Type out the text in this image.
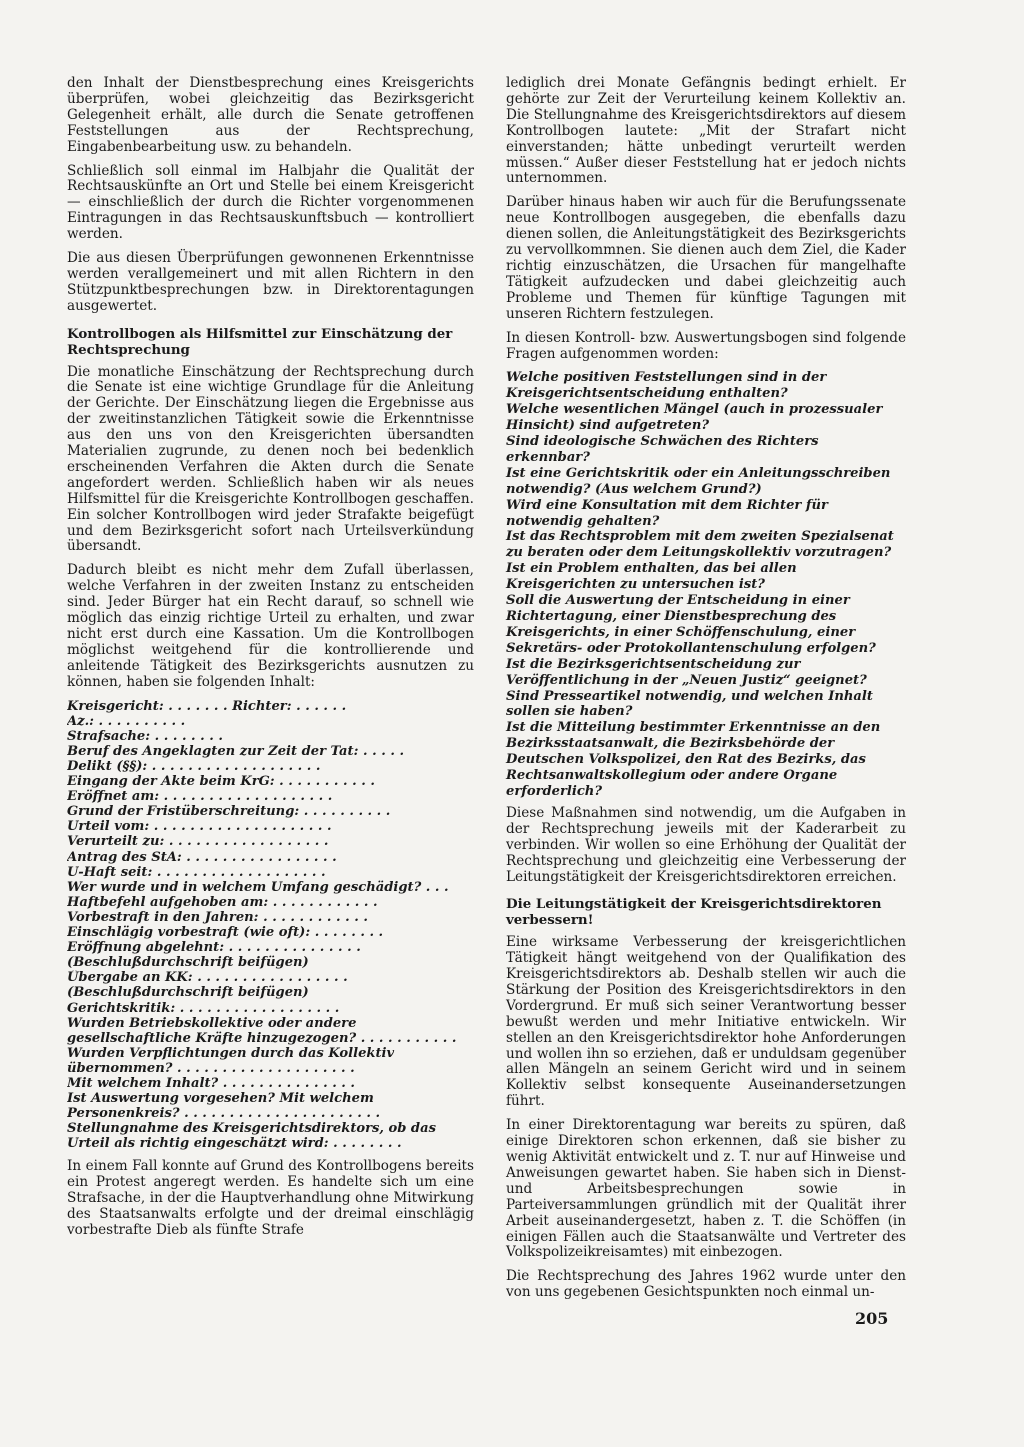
den Inhalt der Dienstbesprechung eines Kreisgerichts überprüfen, wobei gleichzeitig das Bezirksgericht Gelegenheit erhält, alle durch die Senate getroffenen Feststellungen aus der Rechtsprechung, Eingabenbearbeitung usw. zu behandeln.

Schließlich soll einmal im Halbjahr die Qualität der Rechtsauskünfte an Ort und Stelle bei einem Kreisgericht — einschließlich der durch die Richter vorgenommenen Eintragungen in das Rechtsauskunftsbuch — kontrolliert werden.

Die aus diesen Überprüfungen gewonnenen Erkenntnisse werden verallgemeinert und mit allen Richtern in den Stützpunktbesprechungen bzw. in Direktorentagungen ausgewertet.

Kontrollbogen als Hilfsmittel zur Einschätzung der Rechtsprechung

Die monatliche Einschätzung der Rechtsprechung durch die Senate ist eine wichtige Grundlage für die Anleitung der Gerichte. Der Einschätzung liegen die Ergebnisse aus der zweitinstanzlichen Tätigkeit sowie die Erkenntnisse aus den uns von den Kreisgerichten übersandten Materialien zugrunde, zu denen noch bei bedenklich erscheinenden Verfahren die Akten durch die Senate angefordert werden. Schließlich haben wir als neues Hilfsmittel für die Kreisgerichte Kontrollbogen geschaffen. Ein solcher Kontrollbogen wird jeder Strafakte beigefügt und dem Bezirksgericht sofort nach Urteilsverkündung übersandt.

Dadurch bleibt es nicht mehr dem Zufall überlassen, welche Verfahren in der zweiten Instanz zu entscheiden sind. Jeder Bürger hat ein Recht darauf, so schnell wie möglich das einzig richtige Urteil zu erhalten, und zwar nicht erst durch eine Kassation. Um die Kontrollbogen möglichst weitgehend für die kontrollierende und anleitende Tätigkeit des Bezirksgerichts ausnutzen zu können, haben sie folgenden Inhalt:

Kreisgericht: . . . . . . . Richter: . . . . . .
Az.: . . . . . . . . . .
Strafsache: . . . . . . . .
Beruf des Angeklagten zur Zeit der Tat: . . . . .
Delikt (§§): . . . . . . . . . . . . . . . . . . .
Eingang der Akte beim KrG: . . . . . . . . . . .
Eröffnet am: . . . . . . . . . . . . . . . . . . .
Grund der Fristüberschreitung: . . . . . . . . . .
Urteil vom: . . . . . . . . . . . . . . . . . . . .
Verurteilt zu: . . . . . . . . . . . . . . . . . .
Antrag des StA: . . . . . . . . . . . . . . . . .
U-Haft seit: . . . . . . . . . . . . . . . . . . .
Wer wurde und in welchem Umfang geschädigt? . . .
Haftbefehl aufgehoben am: . . . . . . . . . . . .
Vorbestraft in den Jahren: . . . . . . . . . . . .
Einschlägig vorbestraft (wie oft): . . . . . . . .
Eröffnung abgelehnt: . . . . . . . . . . . . . . .
(Beschlußdurchschrift beifügen)
Übergabe an KK: . . . . . . . . . . . . . . . . .
(Beschlußdurchschrift beifügen)
Gerichtskritik: . . . . . . . . . . . . . . . . . .
Wurden Betriebskollektive oder andere gesellschaftliche Kräfte hinzugezogen? . . . . . . . . . . .
Wurden Verpflichtungen durch das Kollektiv übernommen? . . . . . . . . . . . . . . . . . . . .
Mit welchem Inhalt? . . . . . . . . . . . . . . .
Ist Auswertung vorgesehen? Mit welchem Personenkreis? . . . . . . . . . . . . . . . . . . . . . .
Stellungnahme des Kreisgerichtsdirektors, ob das Urteil als richtig eingeschätzt wird: . . . . . . . .

In einem Fall konnte auf Grund des Kontrollbogens bereits ein Protest angeregt werden. Es handelte sich um eine Strafsache, in der die Hauptverhandlung ohne Mitwirkung des Staatsanwalts erfolgte und der dreimal einschlägig vorbestrafte Dieb als fünfte Strafe

lediglich drei Monate Gefängnis bedingt erhielt. Er gehörte zur Zeit der Verurteilung keinem Kollektiv an. Die Stellungnahme des Kreisgerichtsdirektors auf diesem Kontrollbogen lautete: „Mit der Strafart nicht einverstanden; hätte unbedingt verurteilt werden müssen.“ Außer dieser Feststellung hat er jedoch nichts unternommen.

Darüber hinaus haben wir auch für die Berufungssenate neue Kontrollbogen ausgegeben, die ebenfalls dazu dienen sollen, die Anleitungstätigkeit des Bezirksgerichts zu vervollkommnen. Sie dienen auch dem Ziel, die Kader richtig einzuschätzen, die Ursachen für mangelhafte Tätigkeit aufzudecken und dabei gleichzeitig auch Probleme und Themen für künftige Tagungen mit unseren Richtern festzulegen.

In diesen Kontroll- bzw. Auswertungsbogen sind folgende Fragen aufgenommen worden:

Welche positiven Feststellungen sind in der Kreisgerichtsentscheidung enthalten?
Welche wesentlichen Mängel (auch in prozessualer Hinsicht) sind aufgetreten?
Sind ideologische Schwächen des Richters erkennbar?
Ist eine Gerichtskritik oder ein Anleitungsschreiben notwendig? (Aus welchem Grund?)
Wird eine Konsultation mit dem Richter für notwendig gehalten?
Ist das Rechtsproblem mit dem zweiten Spezialsenat zu beraten oder dem Leitungskollektiv vorzutragen?
Ist ein Problem enthalten, das bei allen Kreisgerichten zu untersuchen ist?
Soll die Auswertung der Entscheidung in einer Richtertagung, einer Dienstbesprechung des Kreisgerichts, in einer Schöffenschulung, einer Sekretärs- oder Protokollantenschulung erfolgen?
Ist die Bezirksgerichtsentscheidung zur Veröffentlichung in der „Neuen Justiz“ geeignet?
Sind Presseartikel notwendig, und welchen Inhalt sollen sie haben?
Ist die Mitteilung bestimmter Erkenntnisse an den Bezirksstaatsanwalt, die Bezirksbehörde der Deutschen Volkspolizei, den Rat des Bezirks, das Rechtsanwaltskollegium oder andere Organe erforderlich?

Diese Maßnahmen sind notwendig, um die Aufgaben in der Rechtsprechung jeweils mit der Kaderarbeit zu verbinden. Wir wollen so eine Erhöhung der Qualität der Rechtsprechung und gleichzeitig eine Verbesserung der Leitungstätigkeit der Kreisgerichtsdirektoren erreichen.

Die Leitungstätigkeit der Kreisgerichtsdirektoren verbessern!

Eine wirksame Verbesserung der kreisgerichtlichen Tätigkeit hängt weitgehend von der Qualifikation des Kreisgerichtsdirektors ab. Deshalb stellen wir auch die Stärkung der Position des Kreisgerichtsdirektors in den Vordergrund. Er muß sich seiner Verantwortung besser bewußt werden und mehr Initiative entwickeln. Wir stellen an den Kreisgerichtsdirektor hohe Anforderungen und wollen ihn so erziehen, daß er unduldsam gegenüber allen Mängeln an seinem Gericht wird und in seinem Kollektiv selbst konsequente Auseinandersetzungen führt.

In einer Direktorentagung war bereits zu spüren, daß einige Direktoren schon erkennen, daß sie bisher zu wenig Aktivität entwickelt und z. T. nur auf Hinweise und Anweisungen gewartet haben. Sie haben sich in Dienst- und Arbeitsbesprechungen sowie in Parteiversammlungen gründlich mit der Qualität ihrer Arbeit auseinandergesetzt, haben z. T. die Schöffen (in einigen Fällen auch die Staatsanwälte und Vertreter des Volkspolizeikreisamtes) mit einbezogen.

Die Rechtsprechung des Jahres 1962 wurde unter den von uns gegebenen Gesichtspunkten noch einmal un-

205
